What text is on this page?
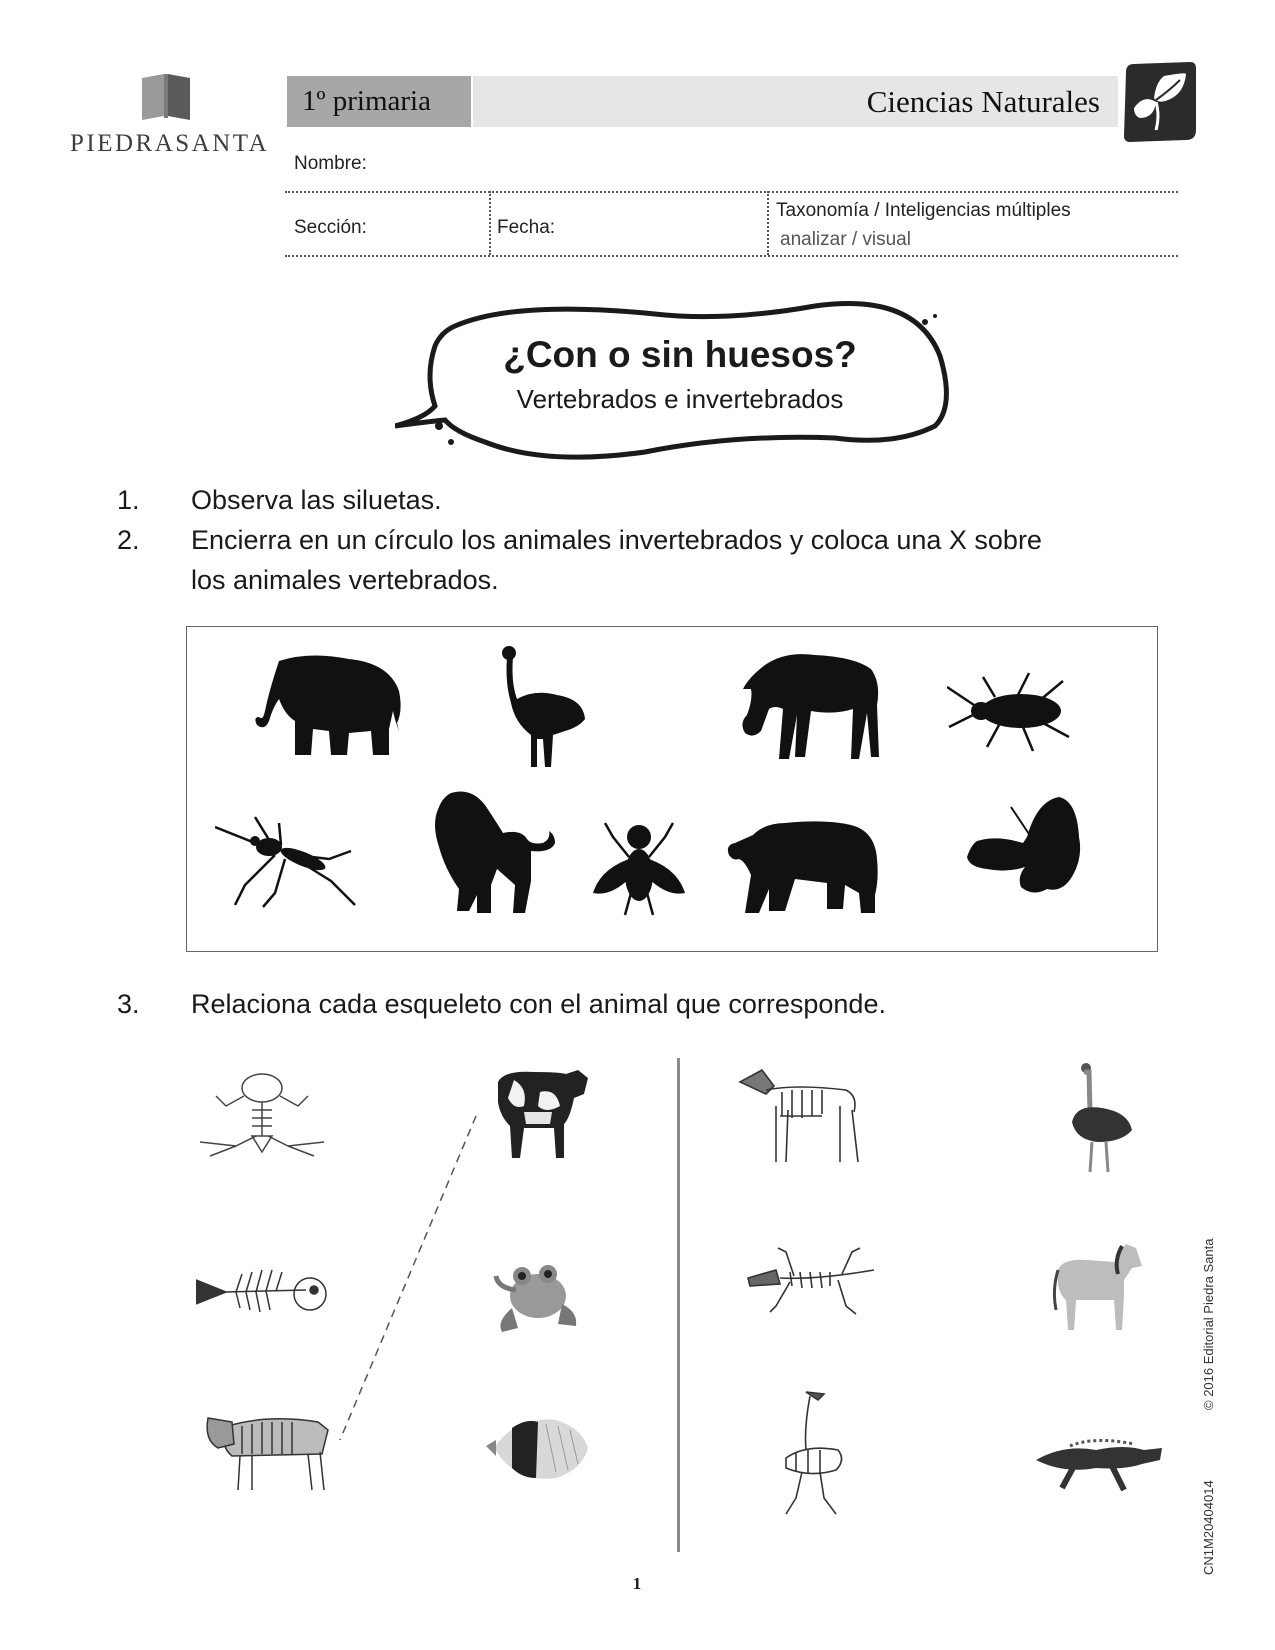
PIEDRASANTA
1º primaria	Ciencias Naturales
Nombre:
Sección:	Fecha:
Taxonomía / Inteligencias múltiples
analizar / visual
¿Con o sin huesos?
Vertebrados e invertebrados
1.	Observa las siluetas.
2.	Encierra en un círculo los animales invertebrados y coloca una X sobre
los animales vertebrados.
3.	Relaciona cada esqueleto con el animal que corresponde.
1
© 2016 Editorial Piedra Santa
CN1M20404014
